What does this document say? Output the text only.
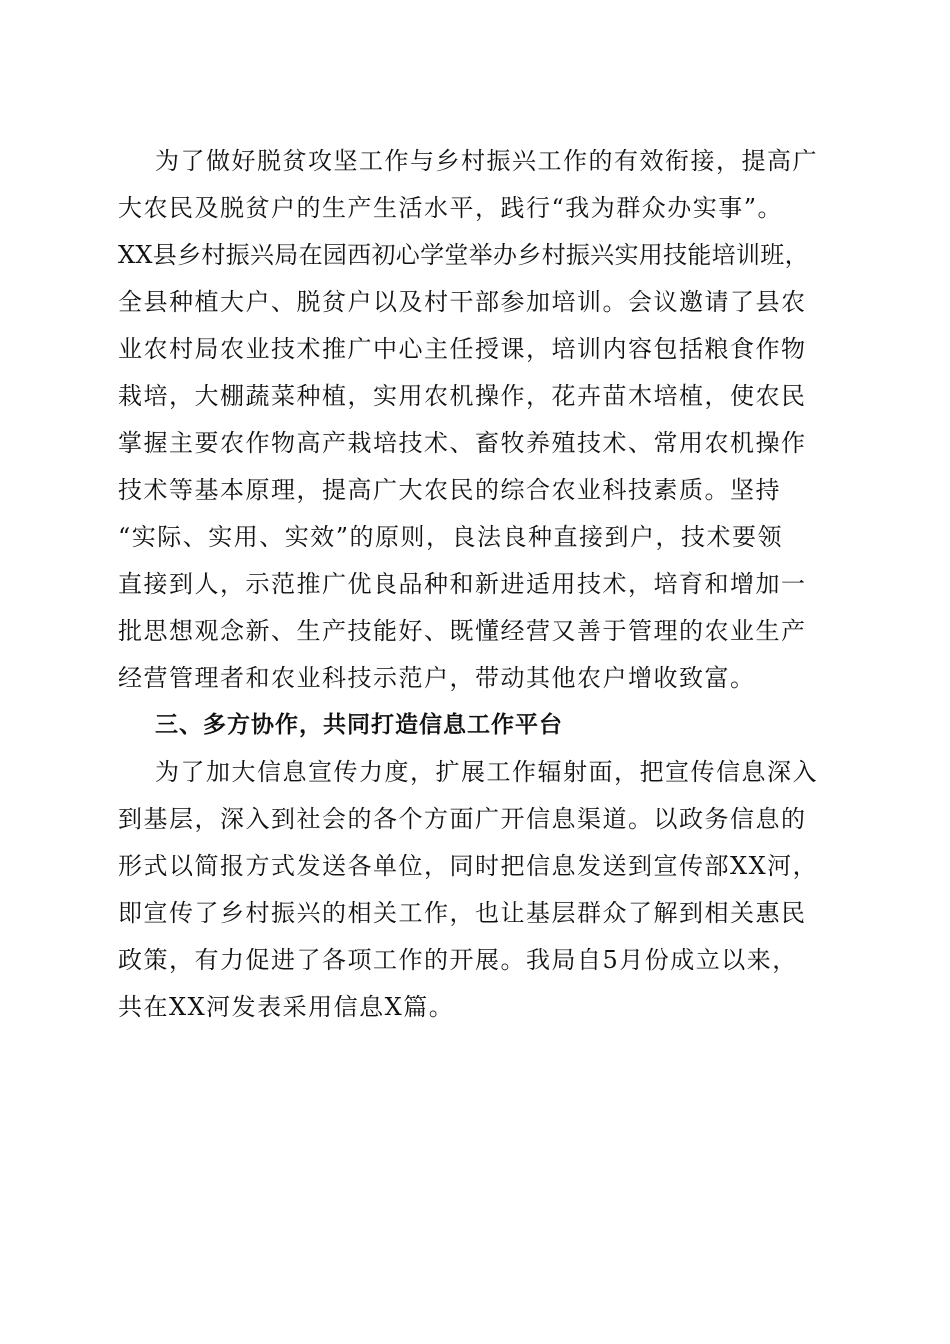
为了做好脱贫攻坚工作与乡村振兴工作的有效衔接，提高广
大农民及脱贫户的生产生活水平，践行“我为群众办实事”。
XX县乡村振兴局在园西初心学堂举办乡村振兴实用技能培训班，
全县种植大户、脱贫户以及村干部参加培训。会议邀请了县农
业农村局农业技术推广中心主任授课，培训内容包括粮食作物
栽培，大棚蔬菜种植，实用农机操作，花卉苗木培植，使农民
掌握主要农作物高产栽培技术、畜牧养殖技术、常用农机操作
技术等基本原理，提高广大农民的综合农业科技素质。坚持
“实际、实用、实效”的原则，良法良种直接到户，技术要领
直接到人，示范推广优良品种和新进适用技术，培育和增加一
批思想观念新、生产技能好、既懂经营又善于管理的农业生产
经营管理者和农业科技示范户，带动其他农户增收致富。
三、多方协作，共同打造信息工作平台
为了加大信息宣传力度，扩展工作辐射面，把宣传信息深入
到基层，深入到社会的各个方面广开信息渠道。以政务信息的
形式以简报方式发送各单位，同时把信息发送到宣传部XX河，
即宣传了乡村振兴的相关工作，也让基层群众了解到相关惠民
政策，有力促进了各项工作的开展。我局自5月份成立以来，
共在XX河发表采用信息X篇。
